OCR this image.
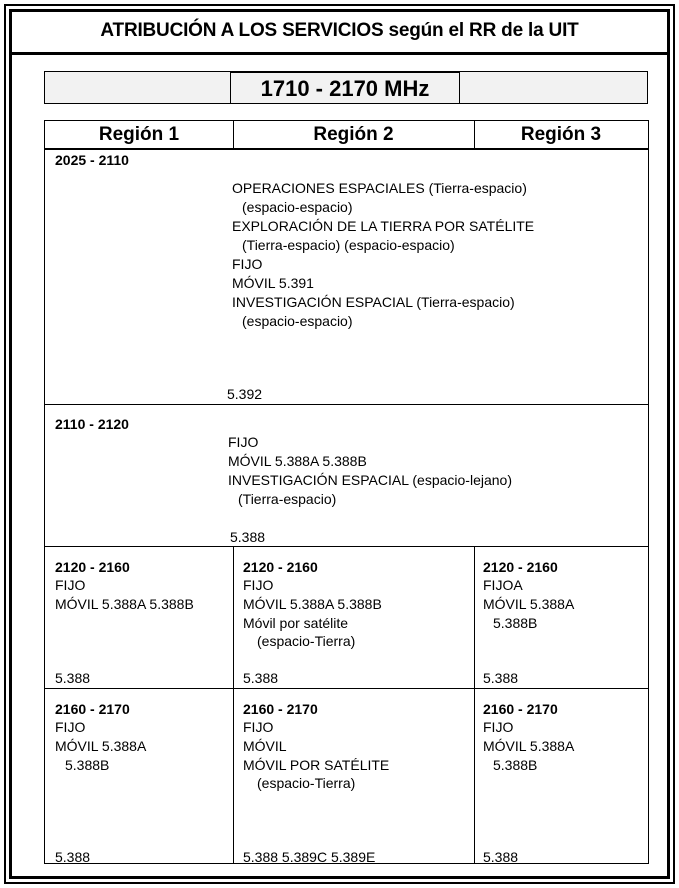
ATRIBUCIÓN A LOS SERVICIOS según el RR de la UIT
1710 - 2170 MHz
Región 1	Región 2	Región 3
2025 - 2110
OPERACIONES ESPACIALES (Tierra-espacio)
(espacio-espacio)
EXPLORACIÓN DE LA TIERRA POR SATÉLITE
(Tierra-espacio) (espacio-espacio)
FIJO
MÓVIL 5.391
INVESTIGACIÓN ESPACIAL (Tierra-espacio)
(espacio-espacio)
5.392
2110 - 2120
FIJO
MÓVIL 5.388A 5.388B
INVESTIGACIÓN ESPACIAL (espacio-lejano)
(Tierra-espacio)
5.388
2120 - 2160
FIJO
MÓVIL 5.388A 5.388B
5.388
2120 - 2160
FIJO
MÓVIL 5.388A 5.388B
Móvil por satélite
(espacio-Tierra)
5.388
2120 - 2160
FIJOA
MÓVIL 5.388A
5.388B
5.388
2160 - 2170
FIJO
MÓVIL 5.388A
5.388B
5.388
2160 - 2170
FIJO
MÓVIL
MÓVIL POR SATÉLITE
(espacio-Tierra)
5.388 5.389C 5.389E
2160 - 2170
FIJO
MÓVIL 5.388A
5.388B
5.388
